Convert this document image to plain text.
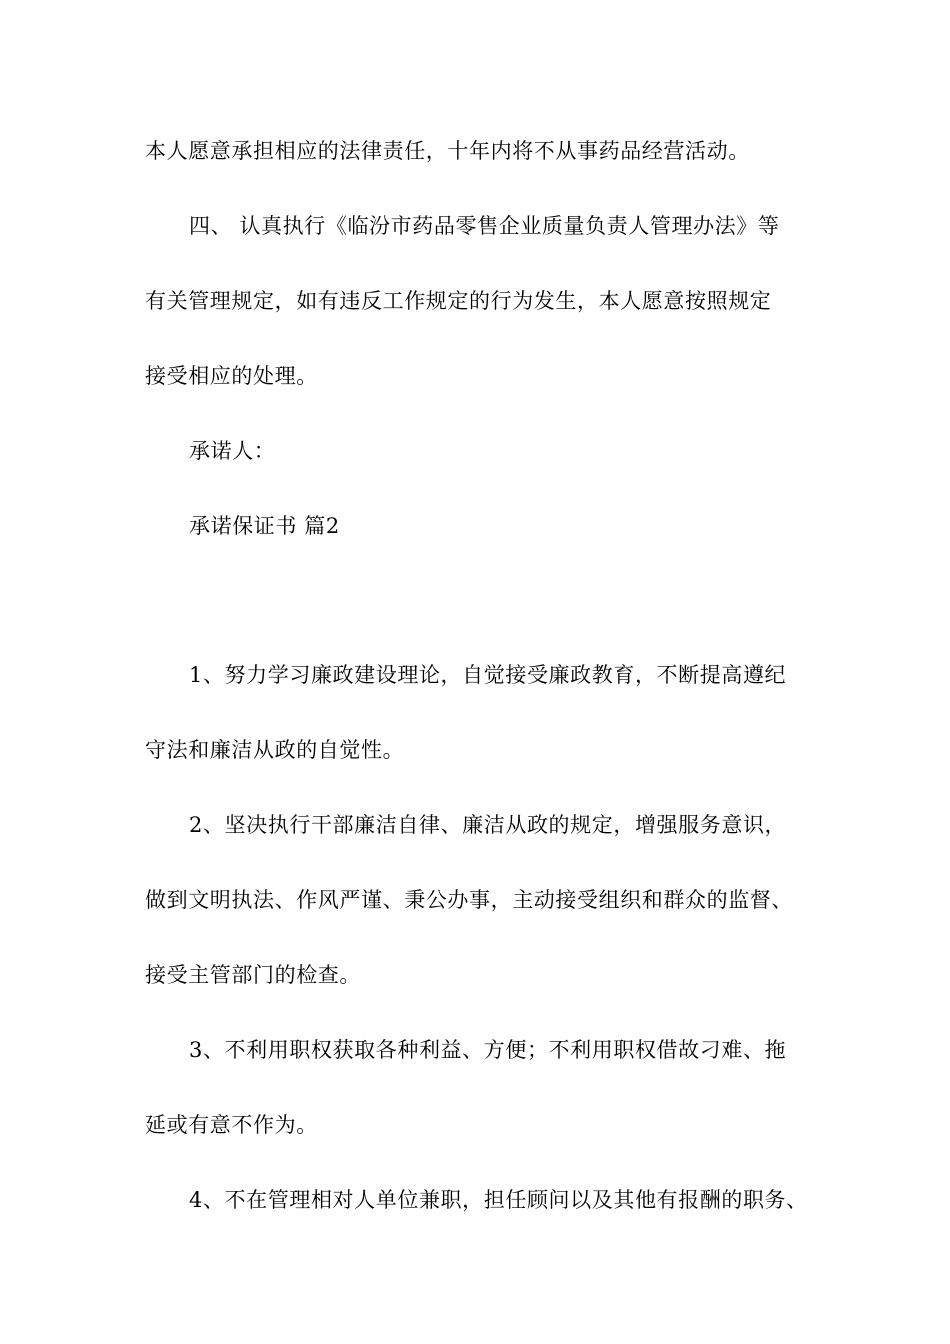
本人愿意承担相应的法律责任，十年内将不从事药品经营活动。
四、 认真执行《临汾市药品零售企业质量负责人管理办法》等
有关管理规定，如有违反工作规定的行为发生，本人愿意按照规定
接受相应的处理。
承诺人：
承诺保证书 篇2
1、努力学习廉政建设理论，自觉接受廉政教育，不断提高遵纪
守法和廉洁从政的自觉性。
2、坚决执行干部廉洁自律、廉洁从政的规定，增强服务意识，
做到文明执法、作风严谨、秉公办事，主动接受组织和群众的监督、
接受主管部门的检查。
3、不利用职权获取各种利益、方便；不利用职权借故刁难、拖
延或有意不作为。
4、不在管理相对人单位兼职，担任顾问以及其他有报酬的职务、
